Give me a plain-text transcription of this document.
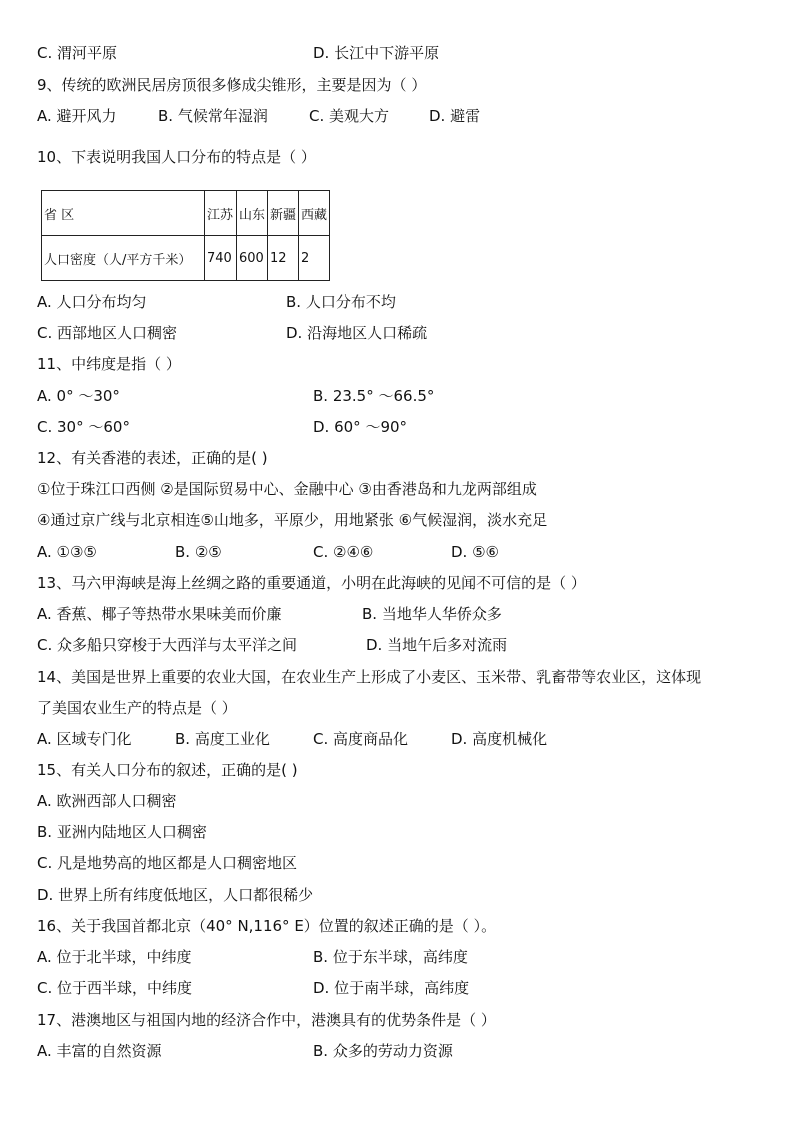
C. 渭河平原	D. 长江中下游平原
9、传统的欧洲民居房顶很多修成尖锥形，主要是因为（ ）
A. 避开风力	B. 气候常年湿润	C. 美观大方	D. 避雷
10、下表说明我国人口分布的特点是（ ）
省 区	江苏	山东	新疆	西藏
人口密度（人/平方千米）	740	600	12	2
A. 人口分布均匀	B. 人口分布不均
C. 西部地区人口稠密	D. 沿海地区人口稀疏
11、中纬度是指（ ）
A. 0° ～30°	B. 23.5° ～66.5°
C. 30° ～60°	D. 60° ～90°
12、有关香港的表述，正确的是( )
①位于珠江口西侧 ②是国际贸易中心、金融中心 ③由香港岛和九龙两部组成
④通过京广线与北京相连⑤山地多，平原少，用地紧张 ⑥气候湿润，淡水充足
A. ①③⑤	B. ②⑤	C. ②④⑥	D. ⑤⑥
13、马六甲海峡是海上丝绸之路的重要通道，小明在此海峡的见闻不可信的是（ ）
A. 香蕉、椰子等热带水果味美而价廉	B. 当地华人华侨众多
C. 众多船只穿梭于大西洋与太平洋之间	D. 当地午后多对流雨
14、美国是世界上重要的农业大国，在农业生产上形成了小麦区、玉米带、乳畜带等农业区，这体现
了美国农业生产的特点是（ ）
A. 区域专门化	B. 高度工业化	C. 高度商品化	D. 高度机械化
15、有关人口分布的叙述，正确的是( )
A. 欧洲西部人口稠密
B. 亚洲内陆地区人口稠密
C. 凡是地势高的地区都是人口稠密地区
D. 世界上所有纬度低地区，人口都很稀少
16、关于我国首都北京（40° N,116° E）位置的叙述正确的是（ ）。
A. 位于北半球，中纬度	B. 位于东半球，高纬度
C. 位于西半球，中纬度	D. 位于南半球，高纬度
17、港澳地区与祖国内地的经济合作中，港澳具有的优势条件是（ ）
A. 丰富的自然资源	B. 众多的劳动力资源
